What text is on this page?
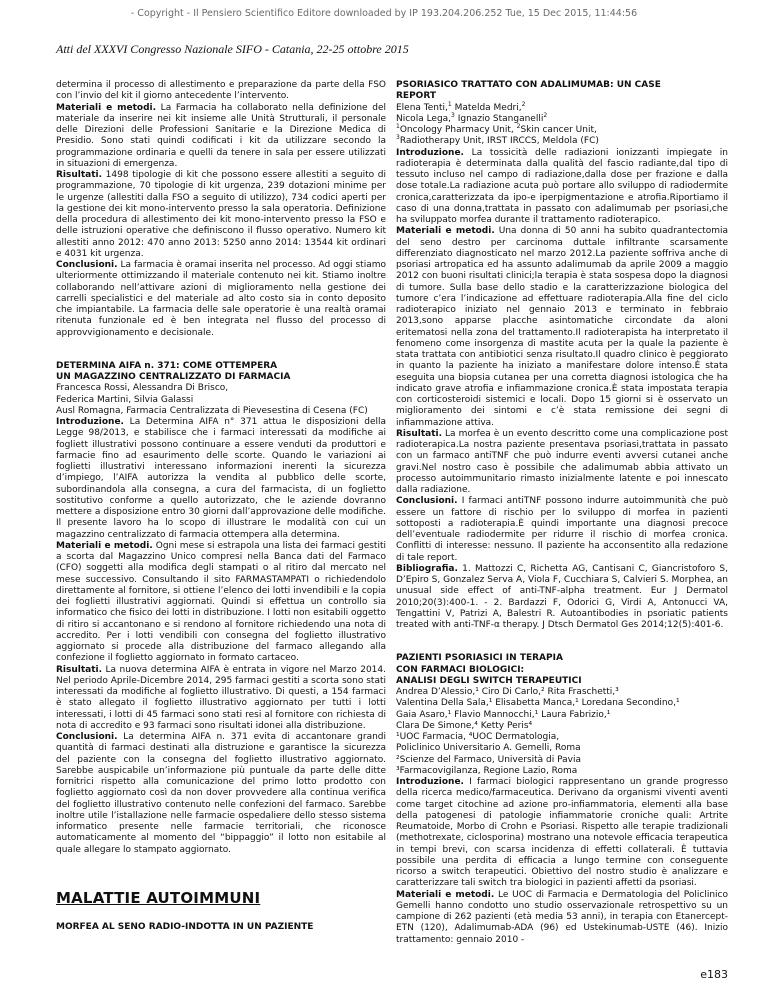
- Copyright - Il Pensiero Scientifico Editore downloaded by IP 193.204.206.252 Tue, 15 Dec 2015, 11:44:56
Atti del XXXVI Congresso Nazionale SIFO - Catania, 22-25 ottobre 2015

determina il processo di allestimento e preparazione da parte della FSO con l’invio del kit il giorno antecedente l’intervento.

Materiali e metodi. La Farmacia ha collaborato nella definizione del materiale da inserire nei kit insieme alle Unità Strutturali, il personale delle Direzioni delle Professioni Sanitarie e la Direzione Medica di Presidio. Sono stati quindi codificati i kit da utilizzare secondo la programmazione ordinaria e quelli da tenere in sala per essere utilizzati in situazioni di emergenza.

Risultati. 1498 tipologie di kit che possono essere allestiti a seguito di programmazione, 70 tipologie di kit urgenza, 239 dotazioni minime per le urgenze (allestiti dalla FSO a seguito di utilizzo), 734 codici aperti per la gestione dei kit mono-intervento presso la sala operatoria. Definizione della procedura di allestimento dei kit mono-intervento presso la FSO e delle istruzioni operative che definiscono il flusso operativo. Numero kit allestiti anno 2012: 470 anno 2013: 5250 anno 2014: 13544 kit ordinari e 4031 kit urgenza.

Conclusioni. La farmacia è oramai inserita nel processo. Ad oggi stiamo ulteriormente ottimizzando il materiale contenuto nei kit. Stiamo inoltre collaborando nell’attivare azioni di miglioramento nella gestione dei carrelli specialistici e del materiale ad alto costo sia in conto deposito che impiantabile. La farmacia delle sale operatorie è una realtà oramai ritenuta funzionale ed è ben integrata nel flusso del processo di approvvigionamento e decisionale.

DETERMINA AIFA n. 371: COME OTTEMPERA

UN MAGAZZINO CENTRALIZZATO DI FARMACIA

Francesca Rossi, Alessandra Di Brisco,

Federica Martini, Silvia Galassi

Ausl Romagna, Farmacia Centralizzata di Pievesestina di Cesena (FC)

Introduzione. La Determina AIFA n° 371 attua le disposizioni della Legge 98/2013, e stabilisce che i farmaci interessati da modifiche ai fogliett illustrativi possono continuare a essere venduti da produttori e farmacie fino ad esaurimento delle scorte. Quando le variazioni ai foglietti illustrativi interessano informazioni inerenti la sicurezza d’impiego, l’AIFA autorizza la vendita al pubblico delle scorte, subordinandola alla consegna, a cura del farmacista, di un foglietto sostitutivo conforme a quello autorizzato, che le aziende dovranno mettere a disposizione entro 30 giorni dall’approvazione delle modifiche. Il presente lavoro ha lo scopo di illustrare le modalità con cui un magazzino centralizzato di farmacia ottempera alla determina.

Materiali e metodi. Ogni mese si estrapola una lista dei farmaci gestiti a scorta dal Magazzino Unico compresi nella Banca dati del Farmaco (CFO) soggetti alla modifica degli stampati o al ritiro dal mercato nel mese successivo. Consultando il sito FARMASTAMPATI o richiedendolo direttamente al fornitore, si ottiene l’elenco dei lotti invendibili e la copia dei foglietti illustrativi aggiornati. Quindi si effettua un controllo sia informatico che fisico dei lotti in distribuzione. I lotti non esitabili oggetto di ritiro si accantonano e si rendono al fornitore richiedendo una nota di accredito. Per i lotti vendibili con consegna del foglietto illustrativo aggiornato si procede alla distribuzione del farmaco allegando alla confezione il foglietto aggiornato in formato cartaceo.

Risultati. La nuova determina AIFA è entrata in vigore nel Marzo 2014. Nel periodo Aprile-Dicembre 2014, 295 farmaci gestiti a scorta sono stati interessati da modifiche al foglietto illustrativo. Di questi, a 154 farmaci è stato allegato il foglietto illustrativo aggiornato per tutti i lotti interessati, i lotti di 45 farmaci sono stati resi al fornitore con richiesta di nota di accredito e 93 farmaci sono risultati idonei alla distribuzione.

Conclusioni. La determina AIFA n. 371 evita di accantonare grandi quantità di farmaci destinati alla distruzione e garantisce la sicurezza del paziente con la consegna del foglietto illustrativo aggiornato. Sarebbe auspicabile un’informazione più puntuale da parte delle ditte fornitrici rispetto alla comunicazione del primo lotto prodotto con foglietto aggiornato così da non dover provvedere alla continua verifica del foglietto illustrativo contenuto nelle confezioni del farmaco. Sarebbe inoltre utile l’istallazione nelle farmacie ospedaliere dello stesso sistema informatico presente nelle farmacie territoriali, che riconosce automaticamente al momento del “bippaggio” il lotto non esitabile al quale allegare lo stampato aggiornato.

MALATTIE AUTOIMMUNI

MORFEA AL SENO RADIO-INDOTTA IN UN PAZIENTE

PSORIASICO TRATTATO CON ADALIMUMAB: UN CASE

REPORT

Elena Tenti,$^1$ Matelda Medri,$^2$

Nicola Lega,$^3$ Ignazio Stanganelli$^2$

$^1$Oncology Pharmacy Unit, $^2$Skin cancer Unit,

$^3$Radiotherapy Unit, IRST IRCCS, Meldola (FC)

Introduzione. La tossicità delle radiazioni ionizzanti impiegate in radioterapia è determinata dalla qualità del fascio radiante,dal tipo di tessuto incluso nel campo di radiazione,dalla dose per frazione e dalla dose totale.La radiazione acuta può portare allo sviluppo di radiodermite cronica,caratterizzata da ipo-e iperpigmentazione e atrofia.Riportiamo il caso di una donna,trattata in passato con adalimumab per psoriasi,che ha sviluppato morfea durante il trattamento radioterapico.

Materiali e metodi. Una donna di 50 anni ha subito quadrantectomia del seno destro per carcinoma duttale infiltrante scarsamente differenziato diagnosticato nel marzo 2012.La paziente soffriva anche di psoriasi artropatica ed ha assunto adalimumab da aprile 2009 a maggio 2012 con buoni risultati clinici;la terapia è stata sospesa dopo la diagnosi di tumore. Sulla base dello stadio e la caratterizzazione biologica del tumore c’era l’indicazione ad effettuare radioterapia.Alla fine del ciclo radioterapico iniziato nel gennaio 2013 e terminato in febbraio 2013,sono apparse placche asintomatiche circondate da aloni eritematosi nella zona del trattamento.Il radioterapista ha interpretato il fenomeno come insorgenza di mastite acuta per la quale la paziente è stata trattata con antibiotici senza risultato.Il quadro clinico è peggiorato in quanto la paziente ha iniziato a manifestare dolore intenso.È stata eseguita una biopsia cutanea per una corretta diagnosi istologica che ha indicato grave atrofia e infiammazione cronica.È stata impostata terapia con corticosteroidi sistemici e locali. Dopo 15 giorni si è osservato un miglioramento dei sintomi e c’è stata remissione dei segni di infiammazione attiva.

Risultati. La morfea è un evento descritto come una complicazione post radioterapica.La nostra paziente presentava psoriasi,trattata in passato con un farmaco antiTNF che può indurre eventi avversi cutanei anche gravi.Nel nostro caso è possibile che adalimumab abbia attivato un processo autoimmunitario rimasto inizialmente latente e poi innescato dalla radiazione.

Conclusioni. I farmaci antiTNF possono indurre autoimmunità che può essere un fattore di rischio per lo sviluppo di morfea in pazienti sottoposti a radioterapia.È quindi importante una diagnosi precoce dell’eventuale radiodermite per ridurre il rischio di morfea cronica. Conflitti di interesse: nessuno. Il paziente ha acconsentito alla redazione di tale report.

Bibliografia. 1. Mattozzi C, Richetta AG, Cantisani C, Giancristoforo S, D’Epiro S, Gonzalez Serva A, Viola F, Cucchiara S, Calvieri S. Morphea, an unusual side effect of anti-TNF-alpha treatment. Eur J Dermatol 2010;20(3):400-1. - 2. Bardazzi F, Odorici G, Virdi A, Antonucci VA, Tengattini V, Patrizi A, Balestri R. Autoantibodies in psoriatic patients treated with anti-TNF-α therapy. J Dtsch Dermatol Ges 2014;12(5):401-6.

PAZIENTI PSORIASICI IN TERAPIA

CON FARMACI BIOLOGICI:

ANALISI DEGLI SWITCH TERAPEUTICI

Andrea D’Alessio,¹ Ciro Di Carlo,² Rita Fraschetti,³

Valentina Della Sala,¹ Elisabetta Manca,¹ Loredana Secondino,¹

Gaia Asaro,¹ Flavio Mannocchi,¹ Laura Fabrizio,¹

Clara De Simone,⁴ Ketty Peris⁴

¹UOC Farmacia, ⁴UOC Dermatologia,

Policlinico Universitario A. Gemelli, Roma

²Scienze del Farmaco, Università di Pavia

³Farmacovigilanza, Regione Lazio, Roma

Introduzione. I farmaci biologici rappresentano un grande progresso della ricerca medico/farmaceutica. Derivano da organismi viventi aventi come target citochine ad azione pro-infiammatoria, elementi alla base della patogenesi di patologie infiammatorie croniche quali: Artrite Reumatoide, Morbo di Crohn e Psoriasi. Rispetto alle terapie tradizionali (methotrexate, ciclosporina) mostrano una notevole efficacia terapeutica in tempi brevi, con scarsa incidenza di effetti collaterali. È tuttavia possibile una perdita di efficacia a lungo termine con conseguente ricorso a switch terapeutici. Obiettivo del nostro studio è analizzare e caratterizzare tali switch tra biologici in pazienti affetti da psoriasi.

Materiali e metodi. Le UOC di Farmacia e Dermatologia del Policlinico Gemelli hanno condotto uno studio osservazionale retrospettivo su un campione di 262 pazienti (età media 53 anni), in terapia con Etanercept-ETN (120), Adalimumab-ADA (96) ed Ustekinumab-USTE (46). Inizio trattamento: gennaio 2010 -

e183
